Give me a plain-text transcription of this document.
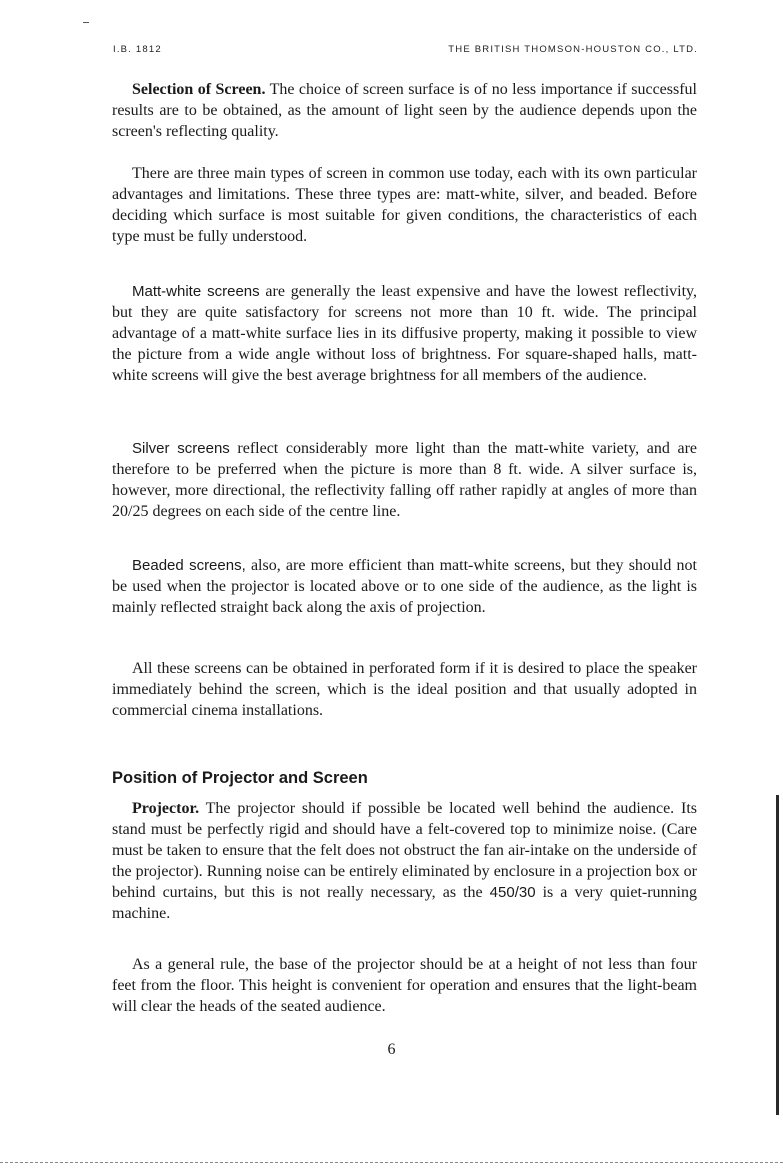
I.B. 1812	THE BRITISH THOMSON-HOUSTON CO., LTD.

Selection of Screen. The choice of screen surface is of no less importance if successful results are to be obtained, as the amount of light seen by the audience depends upon the screen's reflecting quality.

There are three main types of screen in common use today, each with its own particular advantages and limitations. These three types are: matt-white, silver, and beaded. Before deciding which surface is most suitable for given conditions, the characteristics of each type must be fully understood.

Matt-white screens are generally the least expensive and have the lowest reflectivity, but they are quite satisfactory for screens not more than 10 ft. wide. The principal advantage of a matt-white surface lies in its diffusive property, making it possible to view the picture from a wide angle without loss of brightness. For square-shaped halls, matt-white screens will give the best average brightness for all members of the audience.

Silver screens reflect considerably more light than the matt-white variety, and are therefore to be preferred when the picture is more than 8 ft. wide. A silver surface is, however, more directional, the reflectivity falling off rather rapidly at angles of more than 20/25 degrees on each side of the centre line.

Beaded screens, also, are more efficient than matt-white screens, but they should not be used when the projector is located above or to one side of the audience, as the light is mainly reflected straight back along the axis of projection.

All these screens can be obtained in perforated form if it is desired to place the speaker immediately behind the screen, which is the ideal position and that usually adopted in commercial cinema installations.

Position of Projector and Screen

Projector. The projector should if possible be located well behind the audience. Its stand must be perfectly rigid and should have a felt-covered top to minimize noise. (Care must be taken to ensure that the felt does not obstruct the fan air-intake on the underside of the projector). Running noise can be entirely eliminated by enclosure in a projection box or behind curtains, but this is not really necessary, as the 450/30 is a very quiet-running machine.

As a general rule, the base of the projector should be at a height of not less than four feet from the floor. This height is convenient for operation and ensures that the light-beam will clear the heads of the seated audience.

6
